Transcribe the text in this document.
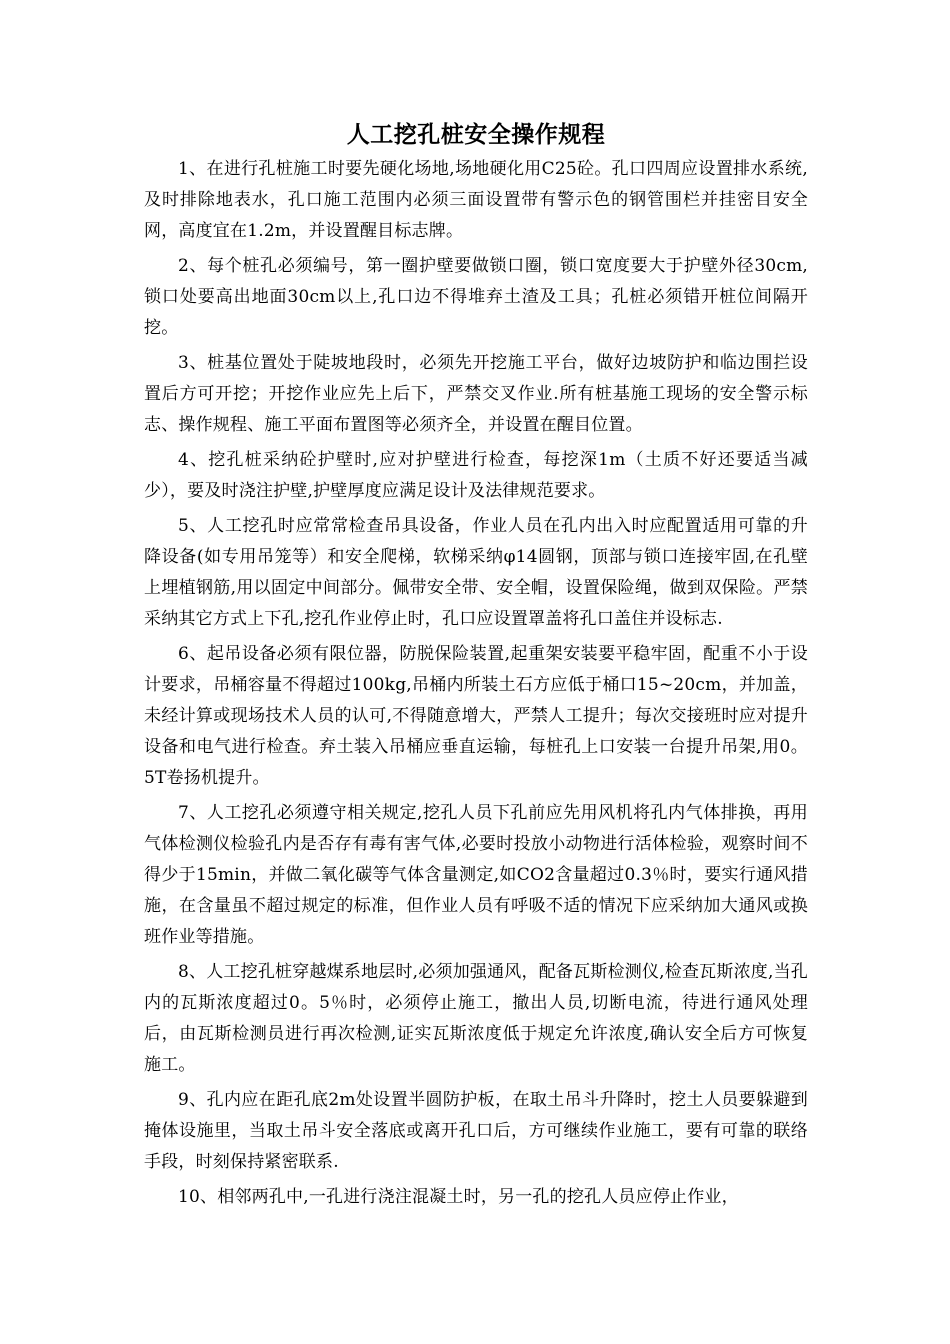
人工挖孔桩安全操作规程

1、在进行孔桩施工时要先硬化场地,场地硬化用C25砼。孔口四周应设置排水系统,及时排除地表水，孔口施工范围内必须三面设置带有警示色的钢管围栏并挂密目安全网，高度宜在1.2m，并设置醒目标志牌。

2、每个桩孔必须编号，第一圈护壁要做锁口圈，锁口宽度要大于护壁外径30cm,锁口处要高出地面30cm以上,孔口边不得堆弃土渣及工具；孔桩必须错开桩位间隔开挖。

3、桩基位置处于陡坡地段时，必须先开挖施工平台，做好边坡防护和临边围拦设置后方可开挖；开挖作业应先上后下，严禁交叉作业.所有桩基施工现场的安全警示标志、操作规程、施工平面布置图等必须齐全，并设置在醒目位置。

4、挖孔桩采纳砼护壁时,应对护壁进行检查，每挖深1m（土质不好还要适当减少），要及时浇注护壁,护壁厚度应满足设计及法律规范要求。

5、人工挖孔时应常常检查吊具设备，作业人员在孔内出入时应配置适用可靠的升降设备(如专用吊笼等）和安全爬梯，软梯采纳φ14圆钢，顶部与锁口连接牢固,在孔壁上埋植钢筋,用以固定中间部分。佩带安全带、安全帽，设置保险绳，做到双保险。严禁采纳其它方式上下孔,挖孔作业停止时，孔口应设置罩盖将孔口盖住并设标志.

6、起吊设备必须有限位器，防脱保险装置,起重架安装要平稳牢固，配重不小于设计要求，吊桶容量不得超过100kg,吊桶内所装土石方应低于桶口15~20cm，并加盖，未经计算或现场技术人员的认可,不得随意增大，严禁人工提升；每次交接班时应对提升设备和电气进行检查。弃土装入吊桶应垂直运输，每桩孔上口安装一台提升吊架,用0。5T卷扬机提升。

7、人工挖孔必须遵守相关规定,挖孔人员下孔前应先用风机将孔内气体排换，再用气体检测仪检验孔内是否存有毒有害气体,必要时投放小动物进行活体检验，观察时间不得少于15min，并做二氧化碳等气体含量测定,如CO2含量超过0.3％时，要实行通风措施，在含量虽不超过规定的标准，但作业人员有呼吸不适的情况下应采纳加大通风或换班作业等措施。

8、人工挖孔桩穿越煤系地层时,必须加强通风，配备瓦斯检测仪,检查瓦斯浓度,当孔内的瓦斯浓度超过0。5％时，必须停止施工，撤出人员,切断电流，待进行通风处理后，由瓦斯检测员进行再次检测,证实瓦斯浓度低于规定允许浓度,确认安全后方可恢复施工。

9、孔内应在距孔底2m处设置半圆防护板，在取土吊斗升降时，挖土人员要躲避到掩体设施里，当取土吊斗安全落底或离开孔口后，方可继续作业施工，要有可靠的联络手段，时刻保持紧密联系.

10、相邻两孔中,一孔进行浇注混凝土时，另一孔的挖孔人员应停止作业，
